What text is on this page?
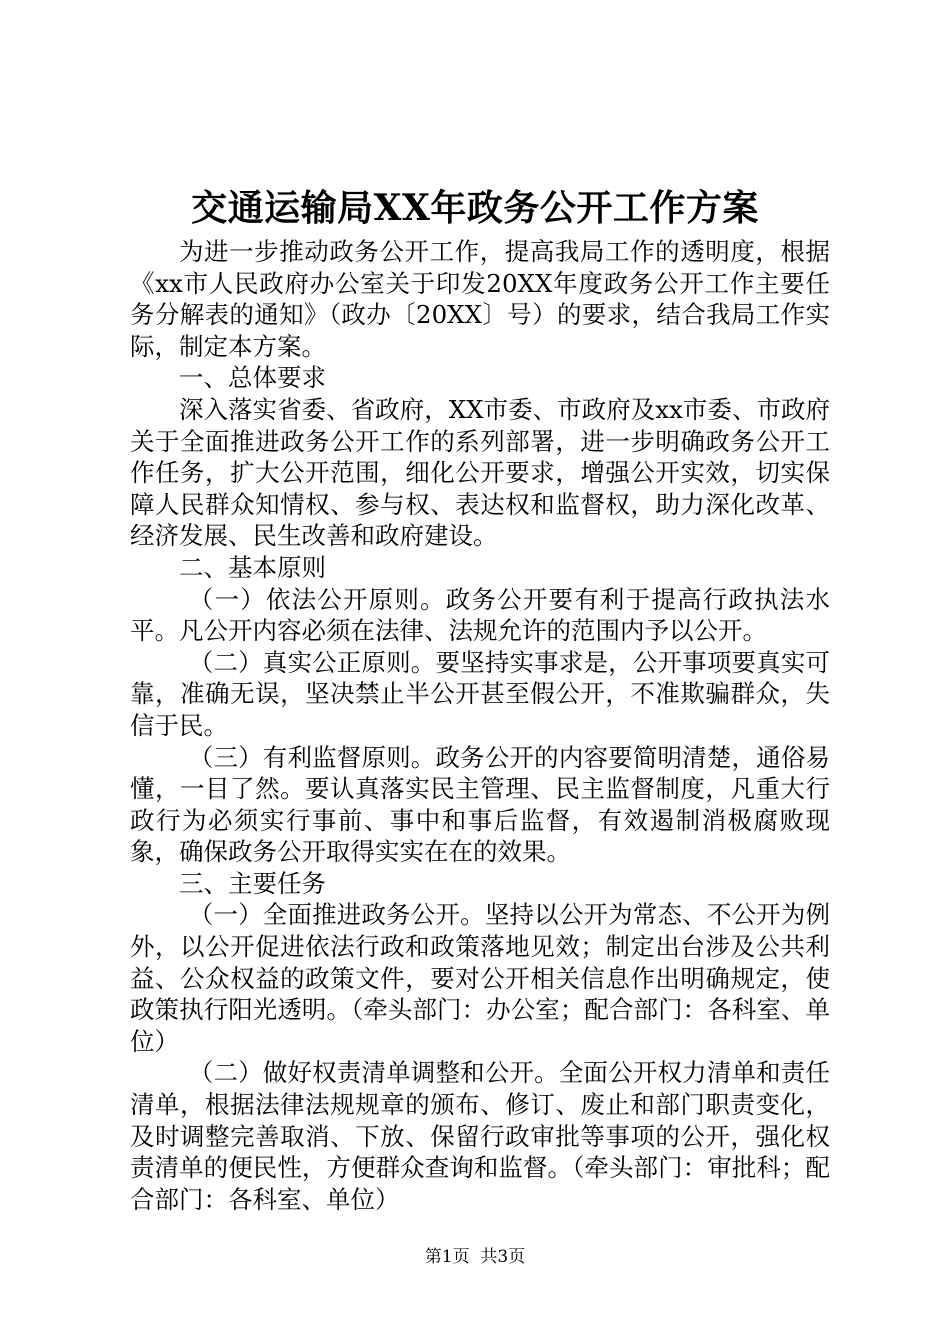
交通运输局XX年政务公开工作方案

为进一步推动政务公开工作，提高我局工作的透明度，根据《xx市人民政府办公室关于印发20XX年度政务公开工作主要任务分解表的通知》（政办〔20XX〕号）的要求，结合我局工作实际，制定本方案。

一、总体要求

深入落实省委、省政府，XX市委、市政府及xx市委、市政府关于全面推进政务公开工作的系列部署，进一步明确政务公开工作任务，扩大公开范围，细化公开要求，增强公开实效，切实保障人民群众知情权、参与权、表达权和监督权，助力深化改革、经济发展、民生改善和政府建设。

二、基本原则

（一）依法公开原则。政务公开要有利于提高行政执法水平。凡公开内容必须在法律、法规允许的范围内予以公开。

（二）真实公正原则。要坚持实事求是，公开事项要真实可靠，准确无误，坚决禁止半公开甚至假公开，不准欺骗群众，失信于民。

（三）有利监督原则。政务公开的内容要简明清楚，通俗易懂，一目了然。要认真落实民主管理、民主监督制度，凡重大行政行为必须实行事前、事中和事后监督，有效遏制消极腐败现象，确保政务公开取得实实在在的效果。

三、主要任务

（一）全面推进政务公开。坚持以公开为常态、不公开为例外，以公开促进依法行政和政策落地见效；制定出台涉及公共利益、公众权益的政策文件，要对公开相关信息作出明确规定，使政策执行阳光透明。（牵头部门：办公室；配合部门：各科室、单位）

（二）做好权责清单调整和公开。全面公开权力清单和责任清单，根据法律法规规章的颁布、修订、废止和部门职责变化，及时调整完善取消、下放、保留行政审批等事项的公开，强化权责清单的便民性，方便群众查询和监督。（牵头部门：审批科；配合部门：各科室、单位）

第1页  共3页
